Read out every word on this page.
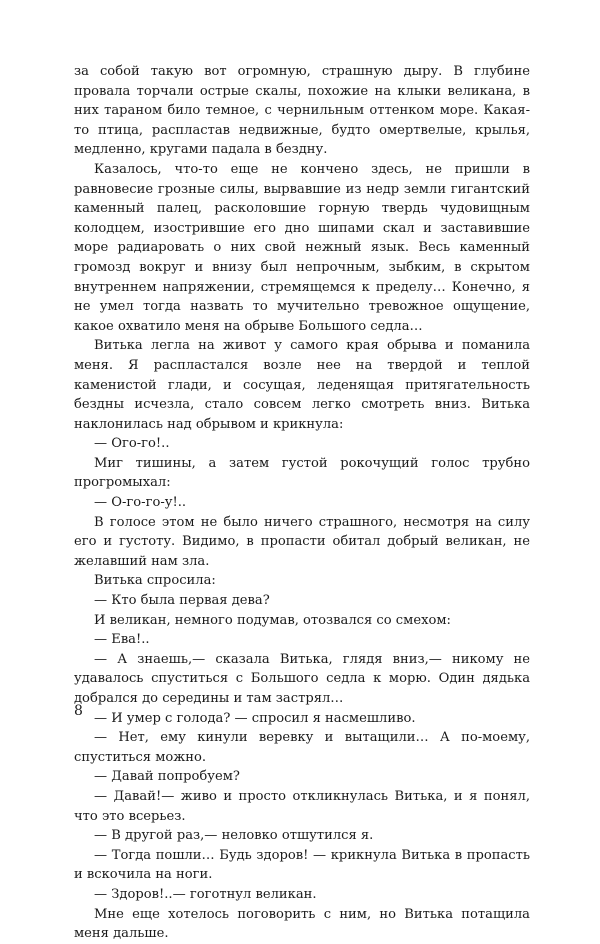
за собой такую вот огромную, страшную дыру. В глубине провала торчали острые скалы, похожие на клыки великана, в них тараном било темное, с чернильным оттенком море. Какая-то птица, распластав недвижные, будто омертвелые, крылья, медленно, кругами падала в бездну.

Казалось, что-то еще не кончено здесь, не пришли в равновесие грозные силы, вырвавшие из недр земли гигантский каменный палец, расколовшие горную твердь чудовищным колодцем, изострившие его дно шипами скал и заставившие море радиаровать о них свой нежный язык. Весь каменный громозд вокруг и внизу был непрочным, зыбким, в скрытом внутреннем напряжении, стремящемся к пределу… Конечно, я не умел тогда назвать то мучительно тревожное ощущение, какое охватило меня на обрыве Большого седла…

Витька легла на живот у самого края обрыва и поманила меня. Я распластался возле нее на твердой и теплой каменистой глади, и сосущая, леденящая притягательность бездны исчезла, стало совсем легко смотреть вниз. Витька наклонилась над обрывом и крикнула:

— Ого-го!..

Миг тишины, а затем густой рокочущий голос трубно прогромыхал:

— О-го-го-у!..

В голосе этом не было ничего страшного, несмотря на силу его и густоту. Видимо, в пропасти обитал добрый великан, не желавший нам зла.

Витька спросила:

— Кто была первая дева?

И великан, немного подумав, отозвался со смехом:

— Ева!..

— А знаешь,— сказала Витька, глядя вниз,— никому не удавалось спуститься с Большого седла к морю. Один дядька добрался до середины и там застрял…

— И умер с голода? — спросил я насмешливо.

— Нет, ему кинули веревку и вытащили… А по-моему, спуститься можно.

— Давай попробуем?

— Давай!— живо и просто откликнулась Витька, и я понял, что это всерьез.

— В другой раз,— неловко отшутился я.

— Тогда пошли… Будь здоров! — крикнула Витька в пропасть и вскочила на ноги.

— Здоров!..— гоготнул великан.

Мне еще хотелось поговорить с ним, но Витька потащила меня дальше.

8
